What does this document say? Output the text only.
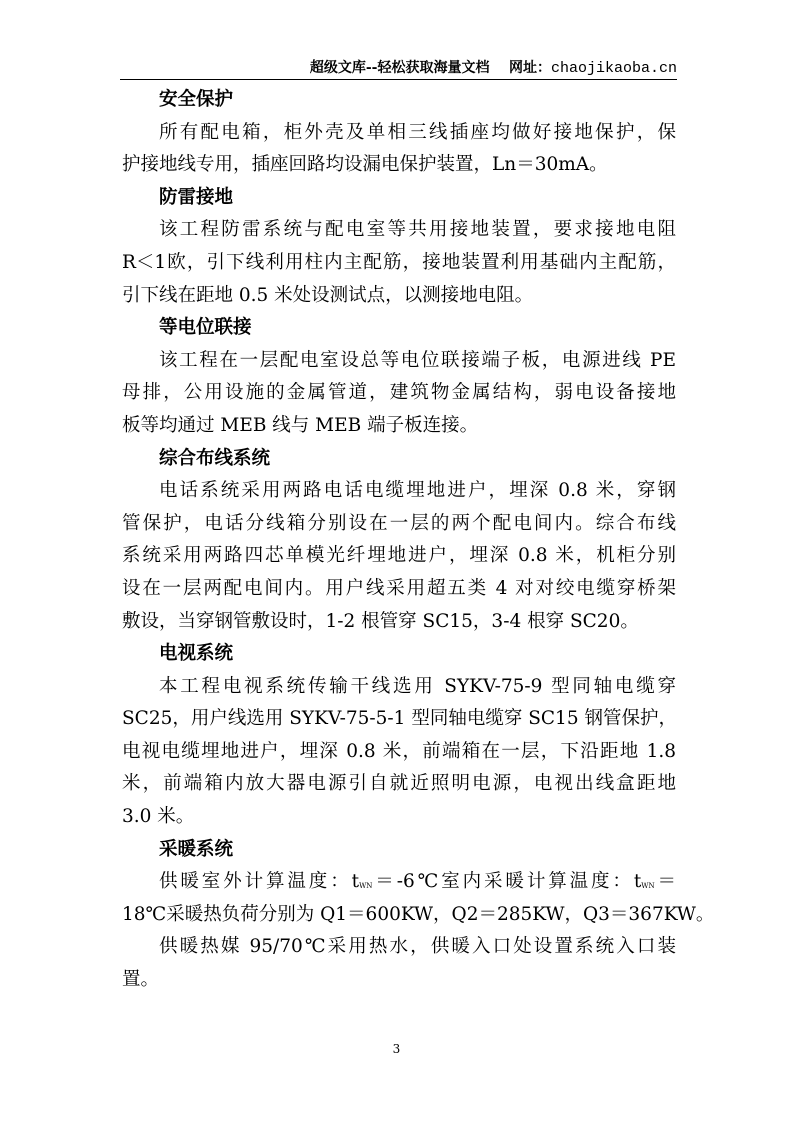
超级文库--轻松获取海量文档 网址：chaojikaoba.cn
安全保护
所有配电箱，柜外壳及单相三线插座均做好接地保护，保
护接地线专用，插座回路均设漏电保护装置，Ln＝30mA。
防雷接地
该工程防雷系统与配电室等共用接地装置，要求接地电阻
R＜1欧，引下线利用柱内主配筋，接地装置利用基础内主配筋，
引下线在距地 0.5 米处设测试点，以测接地电阻。
等电位联接
该工程在一层配电室设总等电位联接端子板，电源进线 PE
母排，公用设施的金属管道，建筑物金属结构，弱电设备接地
板等均通过 MEB 线与 MEB 端子板连接。
综合布线系统
电话系统采用两路电话电缆埋地进户，埋深 0.8 米，穿钢
管保护，电话分线箱分别设在一层的两个配电间内。综合布线
系统采用两路四芯单模光纤埋地进户，埋深 0.8 米，机柜分别
设在一层两配电间内。用户线采用超五类 4 对对绞电缆穿桥架
敷设，当穿钢管敷设时，1-2 根管穿 SC15，3-4 根穿 SC20。
电视系统
本工程电视系统传输干线选用 SYKV-75-9 型同轴电缆穿
SC25，用户线选用 SYKV-75-5-1 型同轴电缆穿 SC15 钢管保护，
电视电缆埋地进户，埋深 0.8 米，前端箱在一层，下沿距地 1.8
米，前端箱内放大器电源引自就近照明电源，电视出线盒距地
3.0 米。
采暖系统
供暖室外计算温度：$t_{WN}=-6℃$室内采暖计算温度：$t_{WN}=$
18℃采暖热负荷分别为 Q1＝600KW，Q2＝285KW，Q3＝367KW。
供暖热媒 95/70℃采用热水，供暖入口处设置系统入口装
置。
3
